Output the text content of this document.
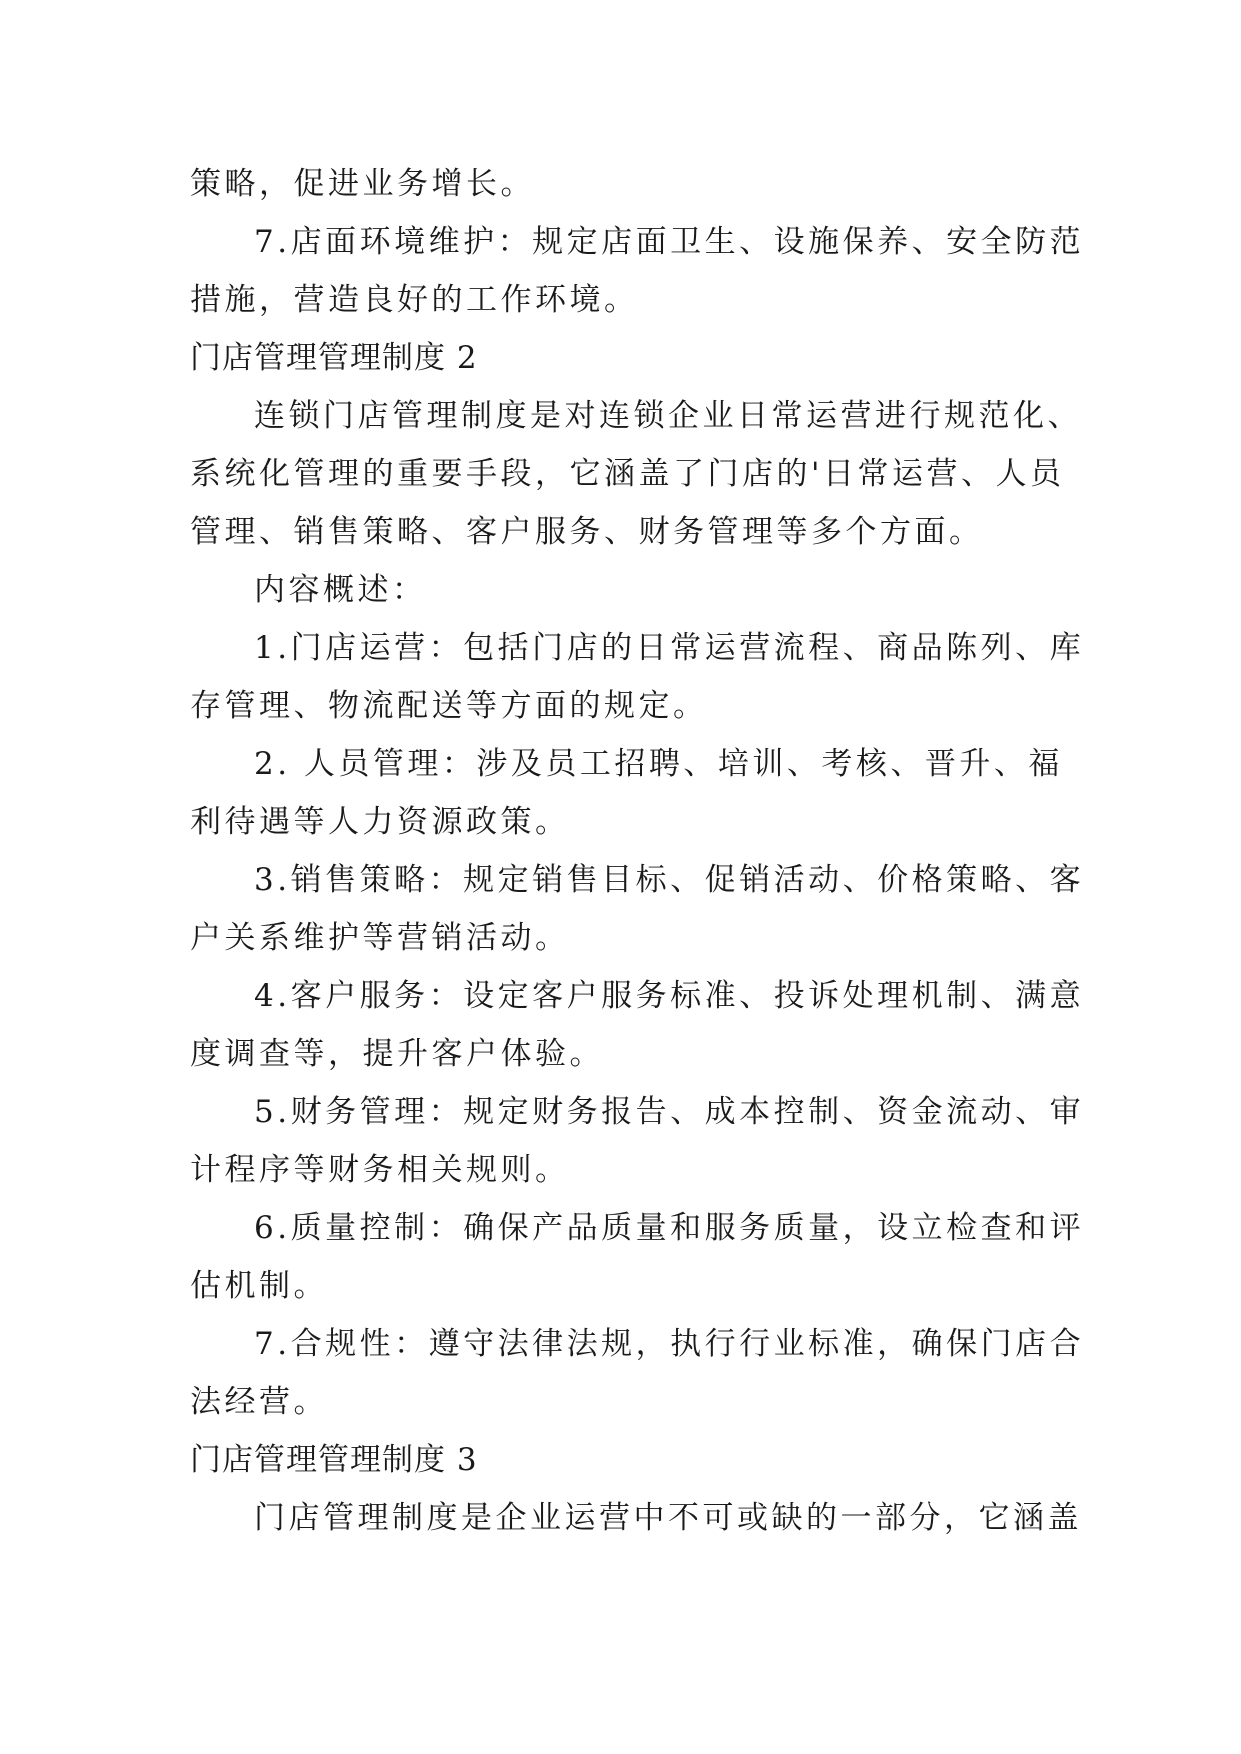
策略，促进业务增长。
7.店面环境维护：规定店面卫生、设施保养、安全防范
措施，营造良好的工作环境。
门店管理管理制度 2
连锁门店管理制度是对连锁企业日常运营进行规范化、
系统化管理的重要手段，它涵盖了门店的'日常运营、人员
管理、销售策略、客户服务、财务管理等多个方面。
内容概述：
1.门店运营：包括门店的日常运营流程、商品陈列、库
存管理、物流配送等方面的规定。
2. 人员管理：涉及员工招聘、培训、考核、晋升、福
利待遇等人力资源政策。
3.销售策略：规定销售目标、促销活动、价格策略、客
户关系维护等营销活动。
4.客户服务：设定客户服务标准、投诉处理机制、满意
度调查等，提升客户体验。
5.财务管理：规定财务报告、成本控制、资金流动、审
计程序等财务相关规则。
6.质量控制：确保产品质量和服务质量，设立检查和评
估机制。
7.合规性：遵守法律法规，执行行业标准，确保门店合
法经营。
门店管理管理制度 3
门店管理制度是企业运营中不可或缺的一部分，它涵盖
